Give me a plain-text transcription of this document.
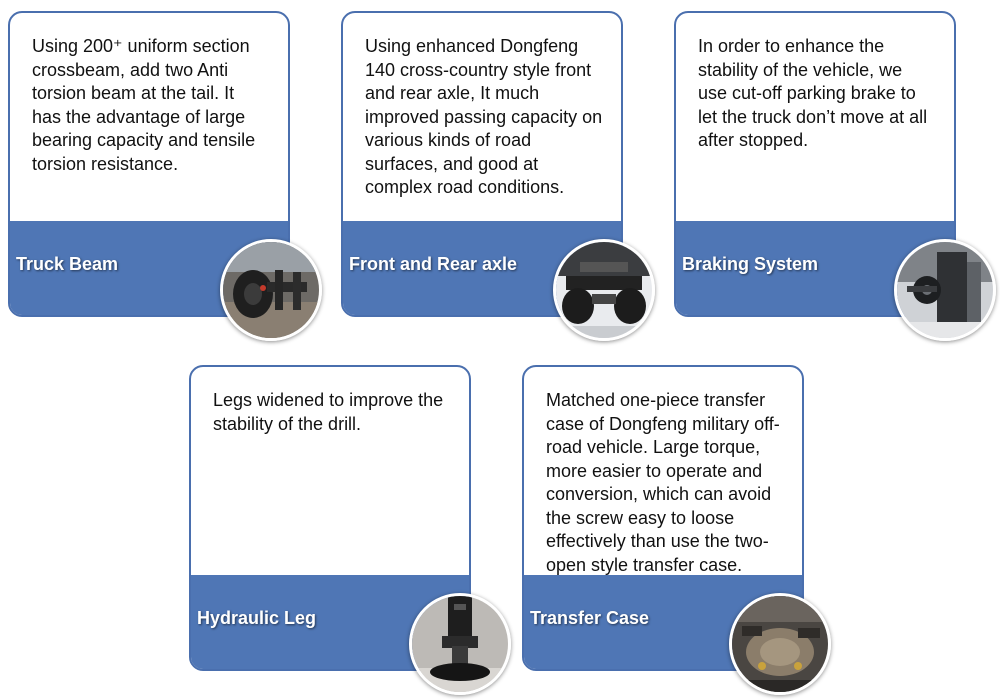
Using 200⁺ uniform section
crossbeam, add two Anti
torsion beam at the tail. It
has the advantage of large
bearing capacity and tensile
torsion resistance.

Truck Beam

Using enhanced Dongfeng
140 cross-country style front
and rear axle, It much
improved passing capacity on
various kinds of road
surfaces, and good at
complex road conditions.

Front and Rear axle

In order to enhance the
stability of the vehicle, we
use cut-off parking brake to
let the truck don’t move at all
after stopped.

Braking System

Legs widened to improve the
stability of the drill.

Hydraulic Leg

Matched one-piece transfer
case of Dongfeng military off-
road vehicle. Large torque,
more easier to operate and
conversion, which can avoid
the screw easy to loose
effectively than use the two-
open style transfer case.

Transfer Case
